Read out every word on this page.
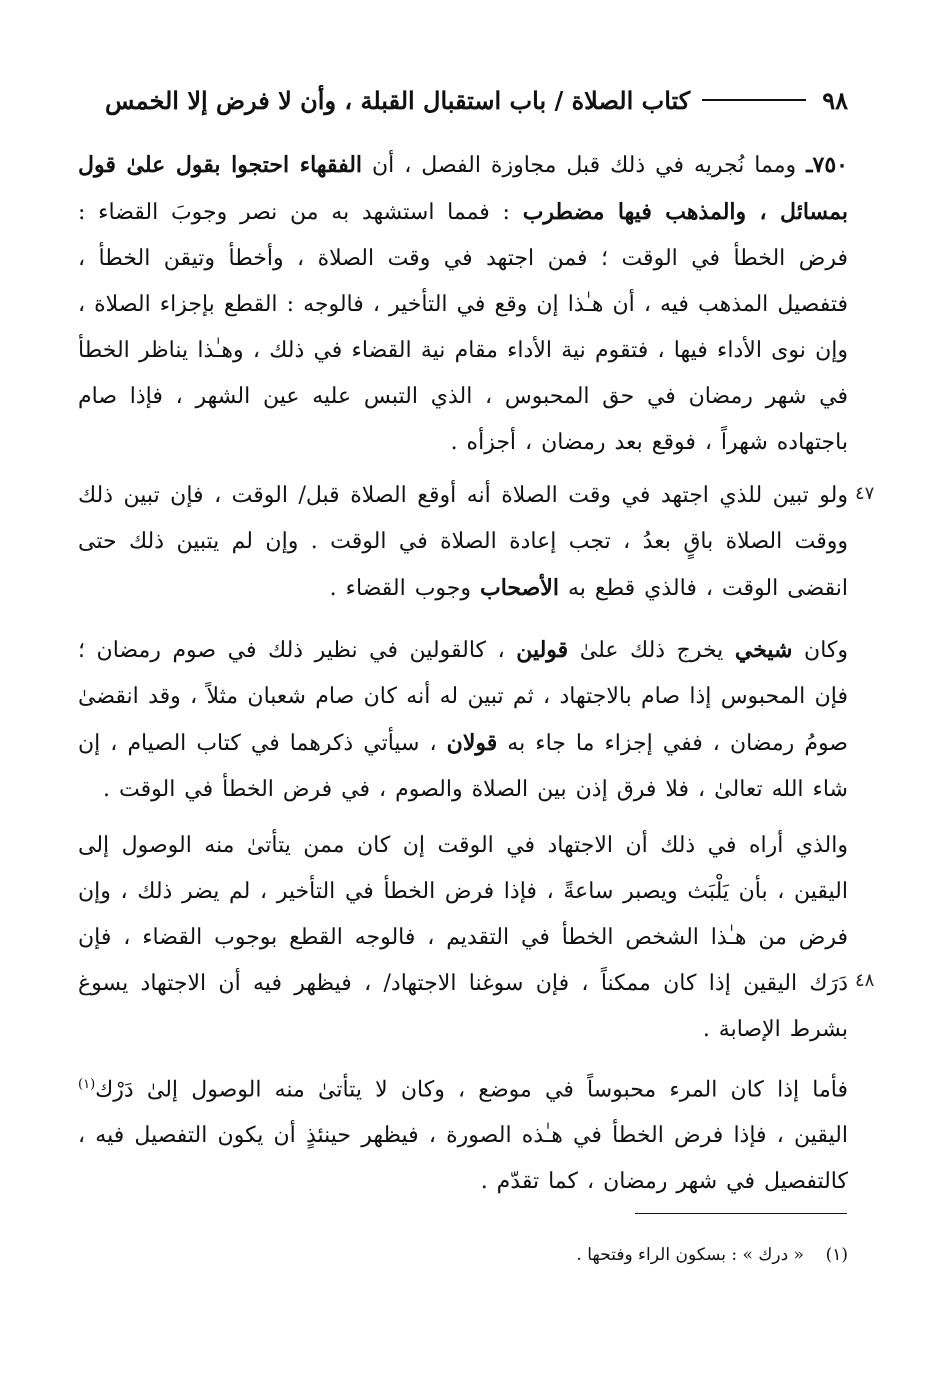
٩٨
كتاب الصلاة / باب استقبال القبلة ، وأن لا فرض إلا الخمس
٧٥٠ـ ومما نُجريه في ذلك قبل مجاوزة الفصل ، أن الفقهاء احتجوا بقول علىٰ قول بمسائل ، والمذهب فيها مضطرب : فمما استشهد به من نصر وجوبَ القضاء : فرض الخطأ في الوقت ؛ فمن اجتهد في وقت الصلاة ، وأخطأ وتيقن الخطأ ، فتفصيل المذهب فيه ، أن هـٰذا إن وقع في التأخير ، فالوجه : القطع بإجزاء الصلاة ، وإن نوى الأداء فيها ، فتقوم نية الأداء مقام نية القضاء في ذلك ، وهـٰذا يناظر الخطأ في شهر رمضان في حق المحبوس ، الذي التبس عليه عين الشهر ، فإذا صام باجتهاده شهراً ، فوقع بعد رمضان ، أجزأه .
٤٧
ولو تبين للذي اجتهد في وقت الصلاة أنه أوقع الصلاة قبل/ الوقت ، فإن تبين ذلك ووقت الصلاة باقٍ بعدُ ، تجب إعادة الصلاة في الوقت . وإن لم يتبين ذلك حتى انقضى الوقت ، فالذي قطع به الأصحاب وجوب القضاء .
وكان شيخي يخرج ذلك علىٰ قولين ، كالقولين في نظير ذلك في صوم رمضان ؛ فإن المحبوس إذا صام بالاجتهاد ، ثم تبين له أنه كان صام شعبان مثلاً ، وقد انقضىٰ صومُ رمضان ، ففي إجزاء ما جاء به قولان ، سيأتي ذكرهما في كتاب الصيام ، إن شاء الله تعالىٰ ، فلا فرق إذن بين الصلاة والصوم ، في فرض الخطأ في الوقت .
٤٨
والذي أراه في ذلك أن الاجتهاد في الوقت إن كان ممن يتأتىٰ منه الوصول إلى اليقين ، بأن يَلْبَث ويصبر ساعةً ، فإذا فرض الخطأ في التأخير ، لم يضر ذلك ، وإن فرض من هـٰذا الشخص الخطأ في التقديم ، فالوجه القطع بوجوب القضاء ، فإن دَرَك اليقين إذا كان ممكناً ، فإن سوغنا الاجتهاد/ ، فيظهر فيه أن الاجتهاد يسوغ بشرط الإصابة .
فأما إذا كان المرء محبوساً في موضع ، وكان لا يتأتىٰ منه الوصول إلىٰ دَرْك$^{(١)}$ اليقين ، فإذا فرض الخطأ في هـٰذه الصورة ، فيظهر حينئذٍ أن يكون التفصيل فيه ، كالتفصيل في شهر رمضان ، كما تقدّم .
(١)    « درك » : بسكون الراء وفتحها .
